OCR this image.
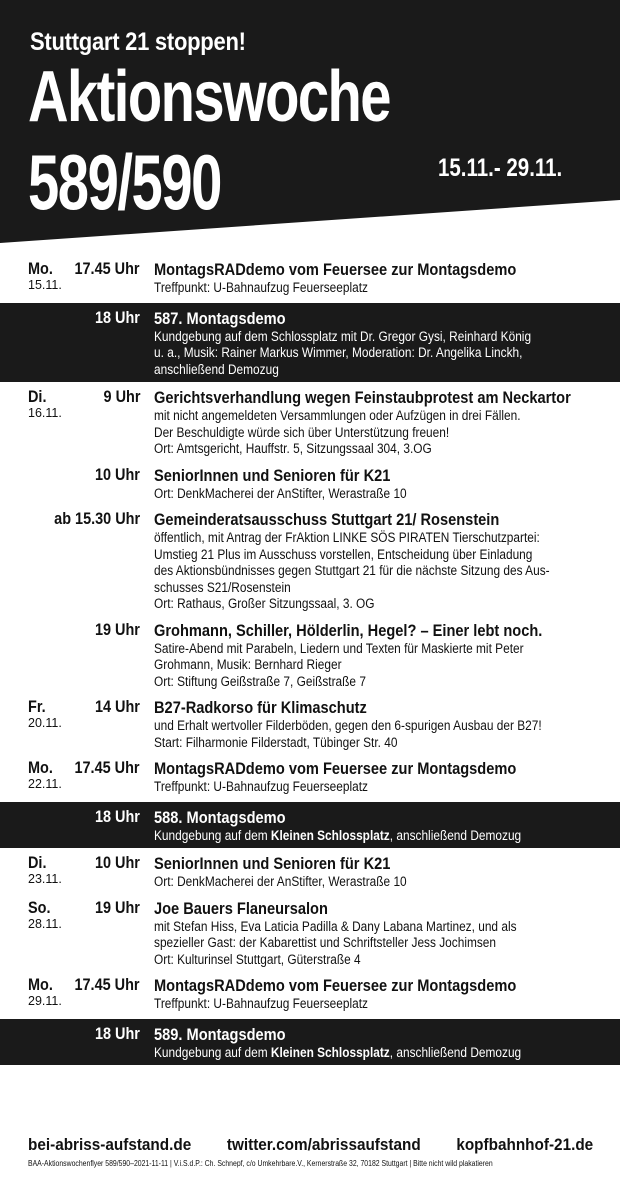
Stuttgart 21 stoppen!
Aktionswoche
589/590	15.11.- 29.11.
Mo.
15.11.
17.45 Uhr MontagsRADdemo vom Feuersee zur Montagsdemo
Treffpunkt: U-Bahnaufzug Feuerseeplatz
18 Uhr 587. Montagsdemo
Kundgebung auf dem Schlossplatz mit Dr. Gregor Gysi, Reinhard König
u. a., Musik: Rainer Markus Wimmer, Moderation: Dr. Angelika Linckh,
anschließend Demozug
Di.
16.11.
9 Uhr Gerichtsverhandlung wegen Feinstaubprotest am Neckartor
mit nicht angemeldeten Versammlungen oder Aufzügen in drei Fällen.
Der Beschuldigte würde sich über Unterstützung freuen!
Ort: Amtsgericht, Hauffstr. 5, Sitzungssaal 304, 3.OG
10 Uhr SeniorInnen und Senioren für K21
Ort: DenkMacherei der AnStifter, Werastraße 10
ab 15.30 Uhr Gemeinderatsausschuss Stuttgart 21/ Rosenstein
öffentlich, mit Antrag der FrAktion LINKE SÖS PIRATEN Tierschutzpartei:
Umstieg 21 Plus im Ausschuss vorstellen, Entscheidung über Einladung
des Aktionsbündnisses gegen Stuttgart 21 für die nächste Sitzung des Aus-
schusses S21/Rosenstein
Ort: Rathaus, Großer Sitzungssaal, 3. OG
19 Uhr Grohmann, Schiller, Hölderlin, Hegel? – Einer lebt noch.
Satire-Abend mit Parabeln, Liedern und Texten für Maskierte mit Peter
Grohmann, Musik: Bernhard Rieger
Ort: Stiftung Geißstraße 7, Geißstraße 7
Fr.
20.11.
14 Uhr B27-Radkorso für Klimaschutz
und Erhalt wertvoller Filderböden, gegen den 6-spurigen Ausbau der B27!
Start: Filharmonie Filderstadt, Tübinger Str. 40
Mo.
22.11.
17.45 Uhr MontagsRADdemo vom Feuersee zur Montagsdemo
Treffpunkt: U-Bahnaufzug Feuerseeplatz
18 Uhr 588. Montagsdemo
Kundgebung auf dem Kleinen Schlossplatz, anschließend Demozug
Di.
23.11.
10 Uhr SeniorInnen und Senioren für K21
Ort: DenkMacherei der AnStifter, Werastraße 10
So.
28.11.
19 Uhr Joe Bauers Flaneursalon
mit Stefan Hiss, Eva Laticia Padilla & Dany Labana Martinez, und als
spezieller Gast: der Kabarettist und Schriftsteller Jess Jochimsen
Ort: Kulturinsel Stuttgart, Güterstraße 4
Mo.
29.11.
17.45 Uhr MontagsRADdemo vom Feuersee zur Montagsdemo
Treffpunkt: U-Bahnaufzug Feuerseeplatz
18 Uhr 589. Montagsdemo
Kundgebung auf dem Kleinen Schlossplatz, anschließend Demozug
bei-abriss-aufstand.de twitter.com/abrissaufstand kopfbahnhof-21.de
BAA-Aktionswochenflyer 589/590–2021-11-11 | V.i.S.d.P.: Ch. Schnepf, c/o Umkehrbare.V., Kernerstraße 32, 70182 Stuttgart | Bitte nicht wild plakatieren
